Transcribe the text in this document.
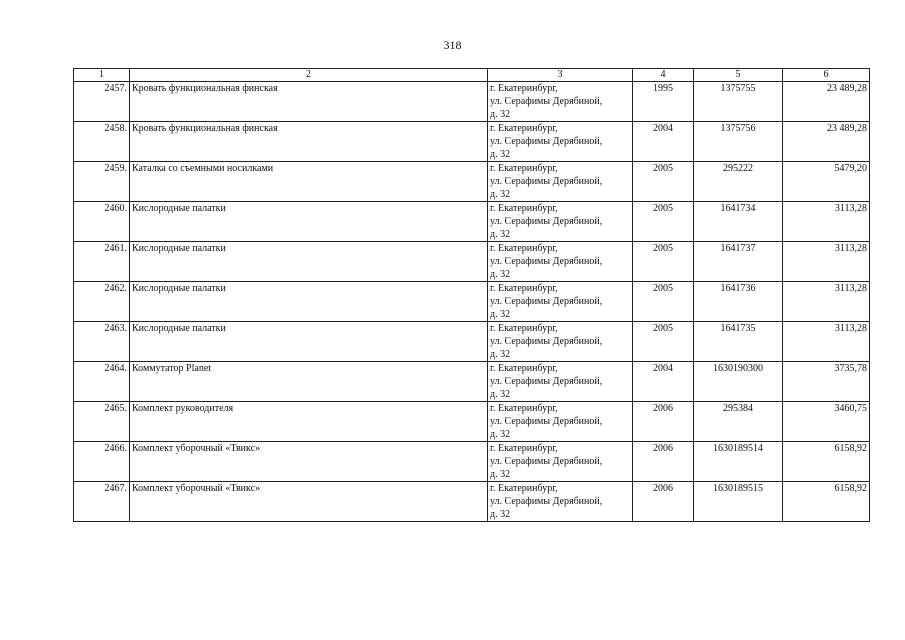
318
1	2	3	4	5	6
2457.	Кровать функциональная финская	г. Екатеринбург,
ул. Серафимы Дерябиной,
д. 32	1995	1375755	23 489,28
2458.	Кровать функциональная финская	г. Екатеринбург,
ул. Серафимы Дерябиной,
д. 32	2004	1375756	23 489,28
2459.	Каталка со съемными носилками	г. Екатеринбург,
ул. Серафимы Дерябиной,
д. 32	2005	295222	5479,20
2460.	Кислородные палатки	г. Екатеринбург,
ул. Серафимы Дерябиной,
д. 32	2005	1641734	3113,28
2461.	Кислородные палатки	г. Екатеринбург,
ул. Серафимы Дерябиной,
д. 32	2005	1641737	3113,28
2462.	Кислородные палатки	г. Екатеринбург,
ул. Серафимы Дерябиной,
д. 32	2005	1641736	3113,28
2463.	Кислородные палатки	г. Екатеринбург,
ул. Серафимы Дерябиной,
д. 32	2005	1641735	3113,28
2464.	Коммутатор Planet	г. Екатеринбург,
ул. Серафимы Дерябиной,
д. 32	2004	1630190300	3735,78
2465.	Комплект руководителя	г. Екатеринбург,
ул. Серафимы Дерябиной,
д. 32	2006	295384	3460,75
2466.	Комплект уборочный «Твикс»	г. Екатеринбург,
ул. Серафимы Дерябиной,
д. 32	2006	1630189514	6158,92
2467.	Комплект уборочный «Твикс»	г. Екатеринбург,
ул. Серафимы Дерябиной,
д. 32	2006	1630189515	6158,92
